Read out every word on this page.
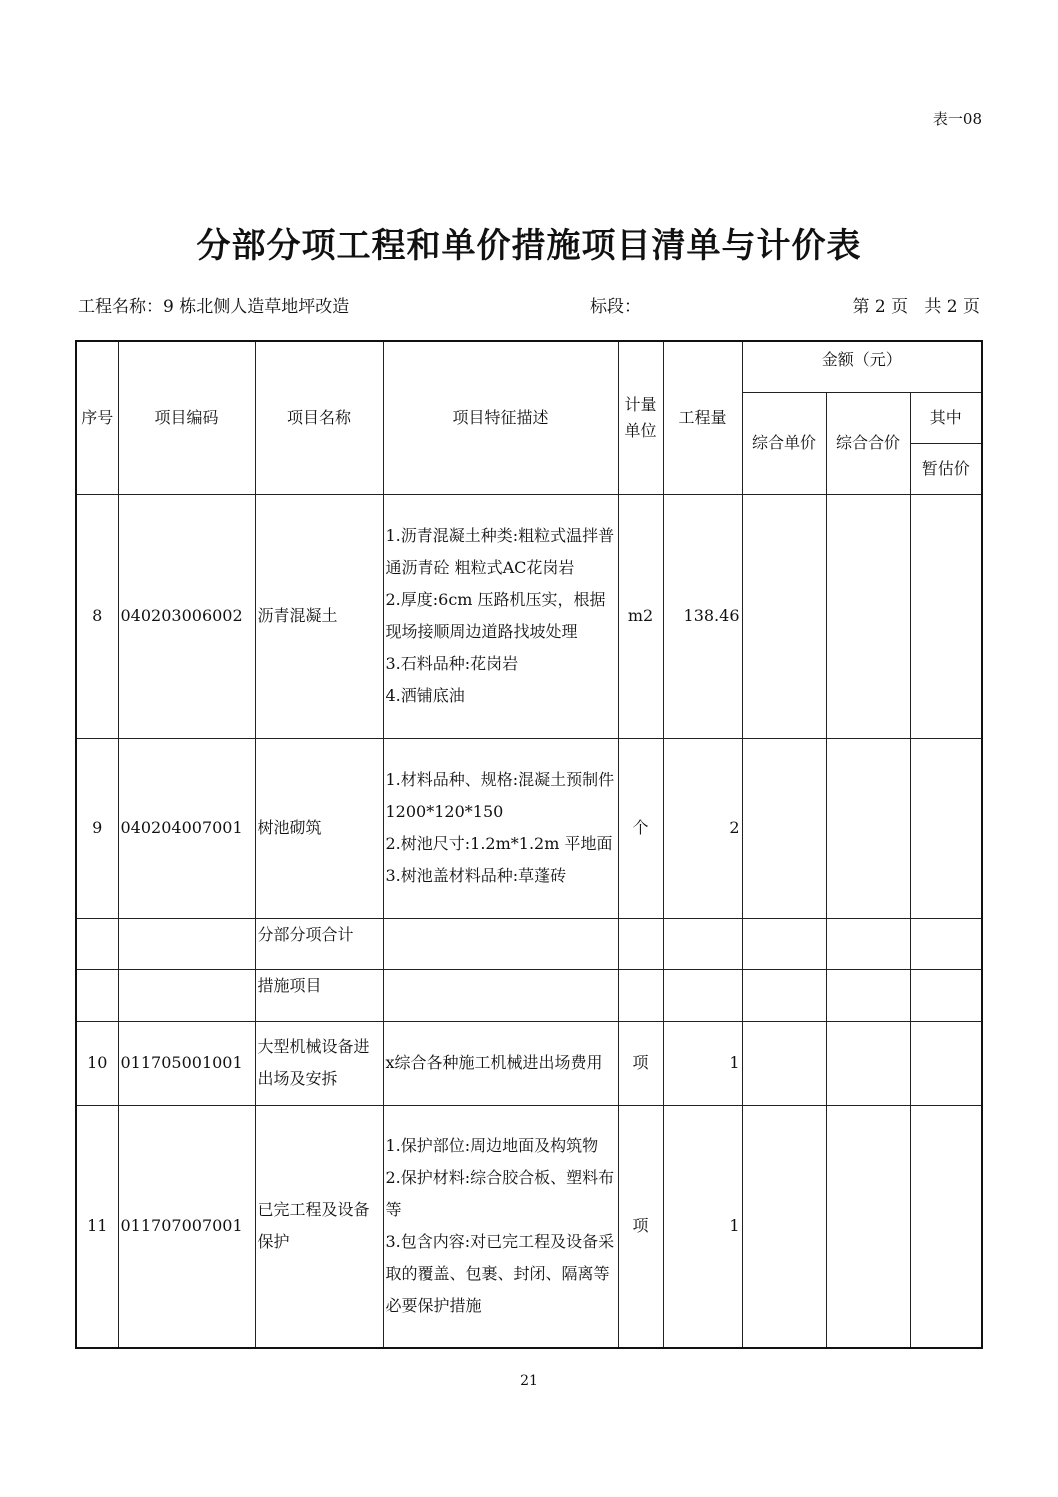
表一08
分部分项工程和单价措施项目清单与计价表
工程名称：9 栋北侧人造草地坪改造	标段：	第 2 页   共 2 页
序号	项目编码	项目名称	项目特征描述	计量单位	工程量	金额（元）		
						综合单价	综合合价	其中
								暂估价
8	040203006002	沥青混凝土	1.沥青混凝土种类:粗粒式温拌普通沥青砼 粗粒式AC花岗岩
2.厚度:6cm 压路机压实，根据现场接顺周边道路找坡处理
3.石料品种:花岗岩
4.洒铺底油	m2	138.46			
9	040204007001	树池砌筑	1.材料品种、规格:混凝土预制件 1200*120*150
2.树池尺寸:1.2m*1.2m 平地面
3.树池盖材料品种:草蓬砖	个	2			
		分部分项合计						
		措施项目						
10	011705001001	大型机械设备进出场及安拆	x综合各种施工机械进出场费用	项	1			
11	011707007001	已完工程及设备保护	1.保护部位:周边地面及构筑物
2.保护材料:综合胶合板、塑料布等
3.包含内容:对已完工程及设备采取的覆盖、包裹、封闭、隔离等必要保护措施	项	1			
21
